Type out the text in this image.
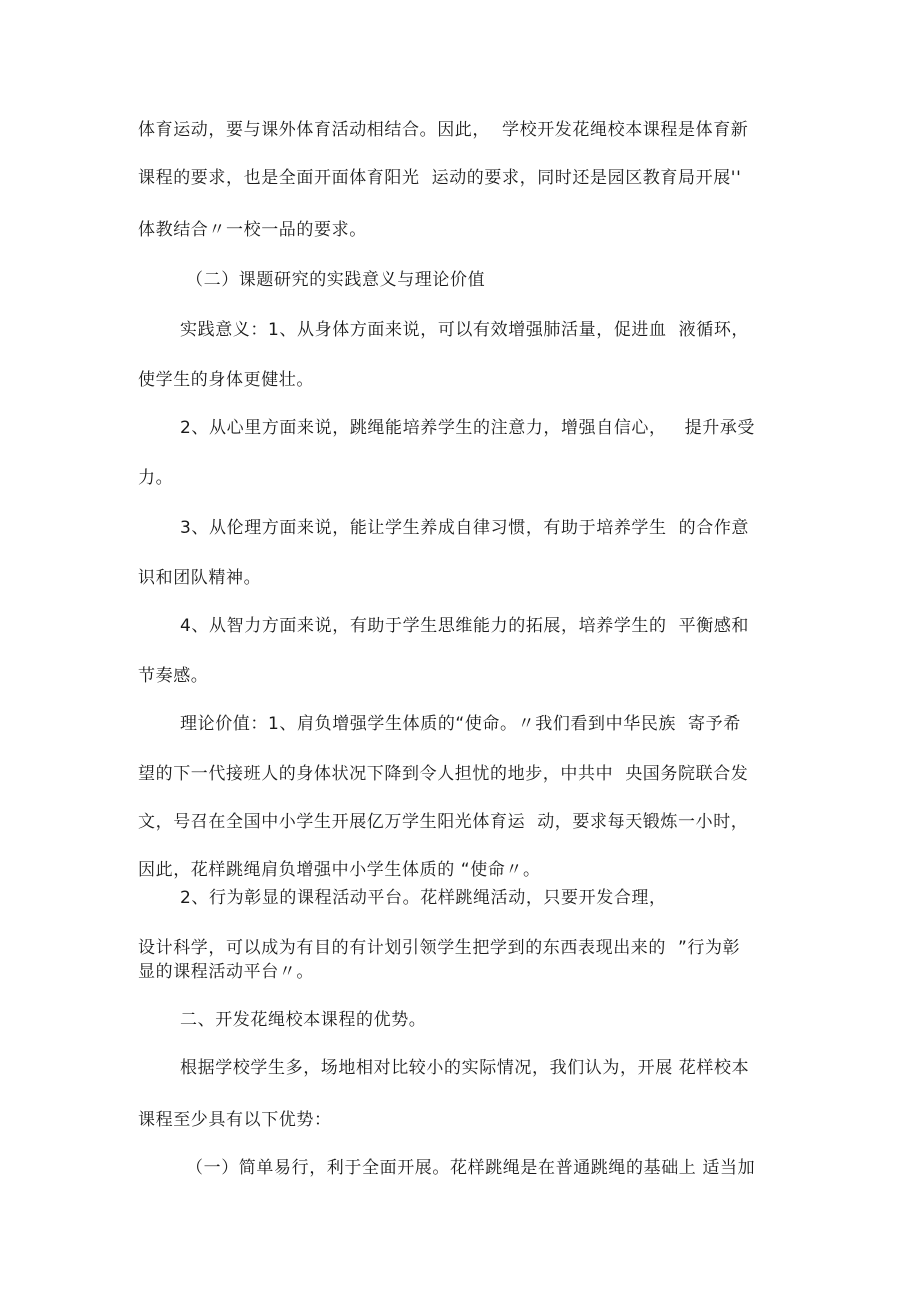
体育运动，要与课外体育活动相结合。因此，  学校开发花绳校本课程是体育新
课程的要求，也是全面开面体育阳光  运动的要求，同时还是园区教育局开展''
体教结合〃一校一品的要求。
（二）课题研究的实践意义与理论价值
实践意义：1、从身体方面来说，可以有效增强肺活量，促进血  液循环，
使学生的身体更健壮。
2、从心里方面来说，跳绳能培养学生的注意力，增强自信心，   提升承受
力。
3、从伦理方面来说，能让学生养成自律习惯，有助于培养学生  的合作意
识和团队精神。
4、从智力方面来说，有助于学生思维能力的拓展，培养学生的  平衡感和
节奏感。
理论价值：1、肩负增强学生体质的“使命。〃我们看到中华民族  寄予希
望的下一代接班人的身体状况下降到令人担忧的地步，中共中  央国务院联合发
文，号召在全国中小学生开展亿万学生阳光体育运  动，要求每天锻炼一小时，
因此，花样跳绳肩负增强中小学生体质的 “使命〃。
2、行为彰显的课程活动平台。花样跳绳活动，只要开发合理，
设计科学，可以成为有目的有计划引领学生把学到的东西表现出来的  ”行为彰
显的课程活动平台〃。
二、开发花绳校本课程的优势。
根据学校学生多，场地相对比较小的实际情况，我们认为，开展 花样校本
课程至少具有以下优势：
（一）简单易行，利于全面开展。花样跳绳是在普通跳绳的基础上 适当加
